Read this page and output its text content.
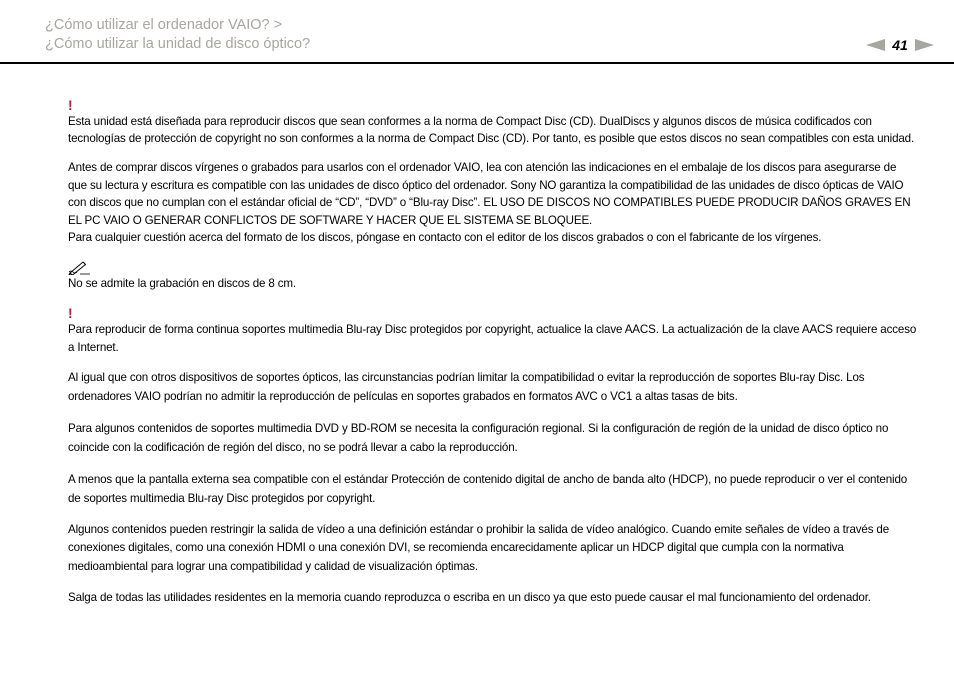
¿Cómo utilizar el ordenador VAIO? >
¿Cómo utilizar la unidad de disco óptico?	41
!

Esta unidad está diseñada para reproducir discos que sean conformes a la norma de Compact Disc (CD). DualDiscs y algunos discos de música codificados con tecnologías de protección de copyright no son conformes a la norma de Compact Disc (CD). Por tanto, es posible que estos discos no sean compatibles con esta unidad.

Antes de comprar discos vírgenes o grabados para usarlos con el ordenador VAIO, lea con atención las indicaciones en el embalaje de los discos para asegurarse de que su lectura y escritura es compatible con las unidades de disco óptico del ordenador. Sony NO garantiza la compatibilidad de las unidades de disco ópticas de VAIO con discos que no cumplan con el estándar oficial de “CD”, “DVD” o “Blu-ray Disc”. EL USO DE DISCOS NO COMPATIBLES PUEDE PRODUCIR DAÑOS GRAVES EN EL PC VAIO O GENERAR CONFLICTOS DE SOFTWARE Y HACER QUE EL SISTEMA SE BLOQUEE.

Para cualquier cuestión acerca del formato de los discos, póngase en contacto con el editor de los discos grabados o con el fabricante de los vírgenes.

No se admite la grabación en discos de 8 cm.

!

Para reproducir de forma continua soportes multimedia Blu-ray Disc protegidos por copyright, actualice la clave AACS. La actualización de la clave AACS requiere acceso a Internet.

Al igual que con otros dispositivos de soportes ópticos, las circunstancias podrían limitar la compatibilidad o evitar la reproducción de soportes Blu-ray Disc. Los ordenadores VAIO podrían no admitir la reproducción de películas en soportes grabados en formatos AVC o VC1 a altas tasas de bits.

Para algunos contenidos de soportes multimedia DVD y BD-ROM se necesita la configuración regional. Si la configuración de región de la unidad de disco óptico no coincide con la codificación de región del disco, no se podrá llevar a cabo la reproducción.

A menos que la pantalla externa sea compatible con el estándar Protección de contenido digital de ancho de banda alto (HDCP), no puede reproducir o ver el contenido de soportes multimedia Blu-ray Disc protegidos por copyright.

Algunos contenidos pueden restringir la salida de vídeo a una definición estándar o prohibir la salida de vídeo analógico. Cuando emite señales de vídeo a través de conexiones digitales, como una conexión HDMI o una conexión DVI, se recomienda encarecidamente aplicar un HDCP digital que cumpla con la normativa medioambiental para lograr una compatibilidad y calidad de visualización óptimas.

Salga de todas las utilidades residentes en la memoria cuando reproduzca o escriba en un disco ya que esto puede causar el mal funcionamiento del ordenador.
